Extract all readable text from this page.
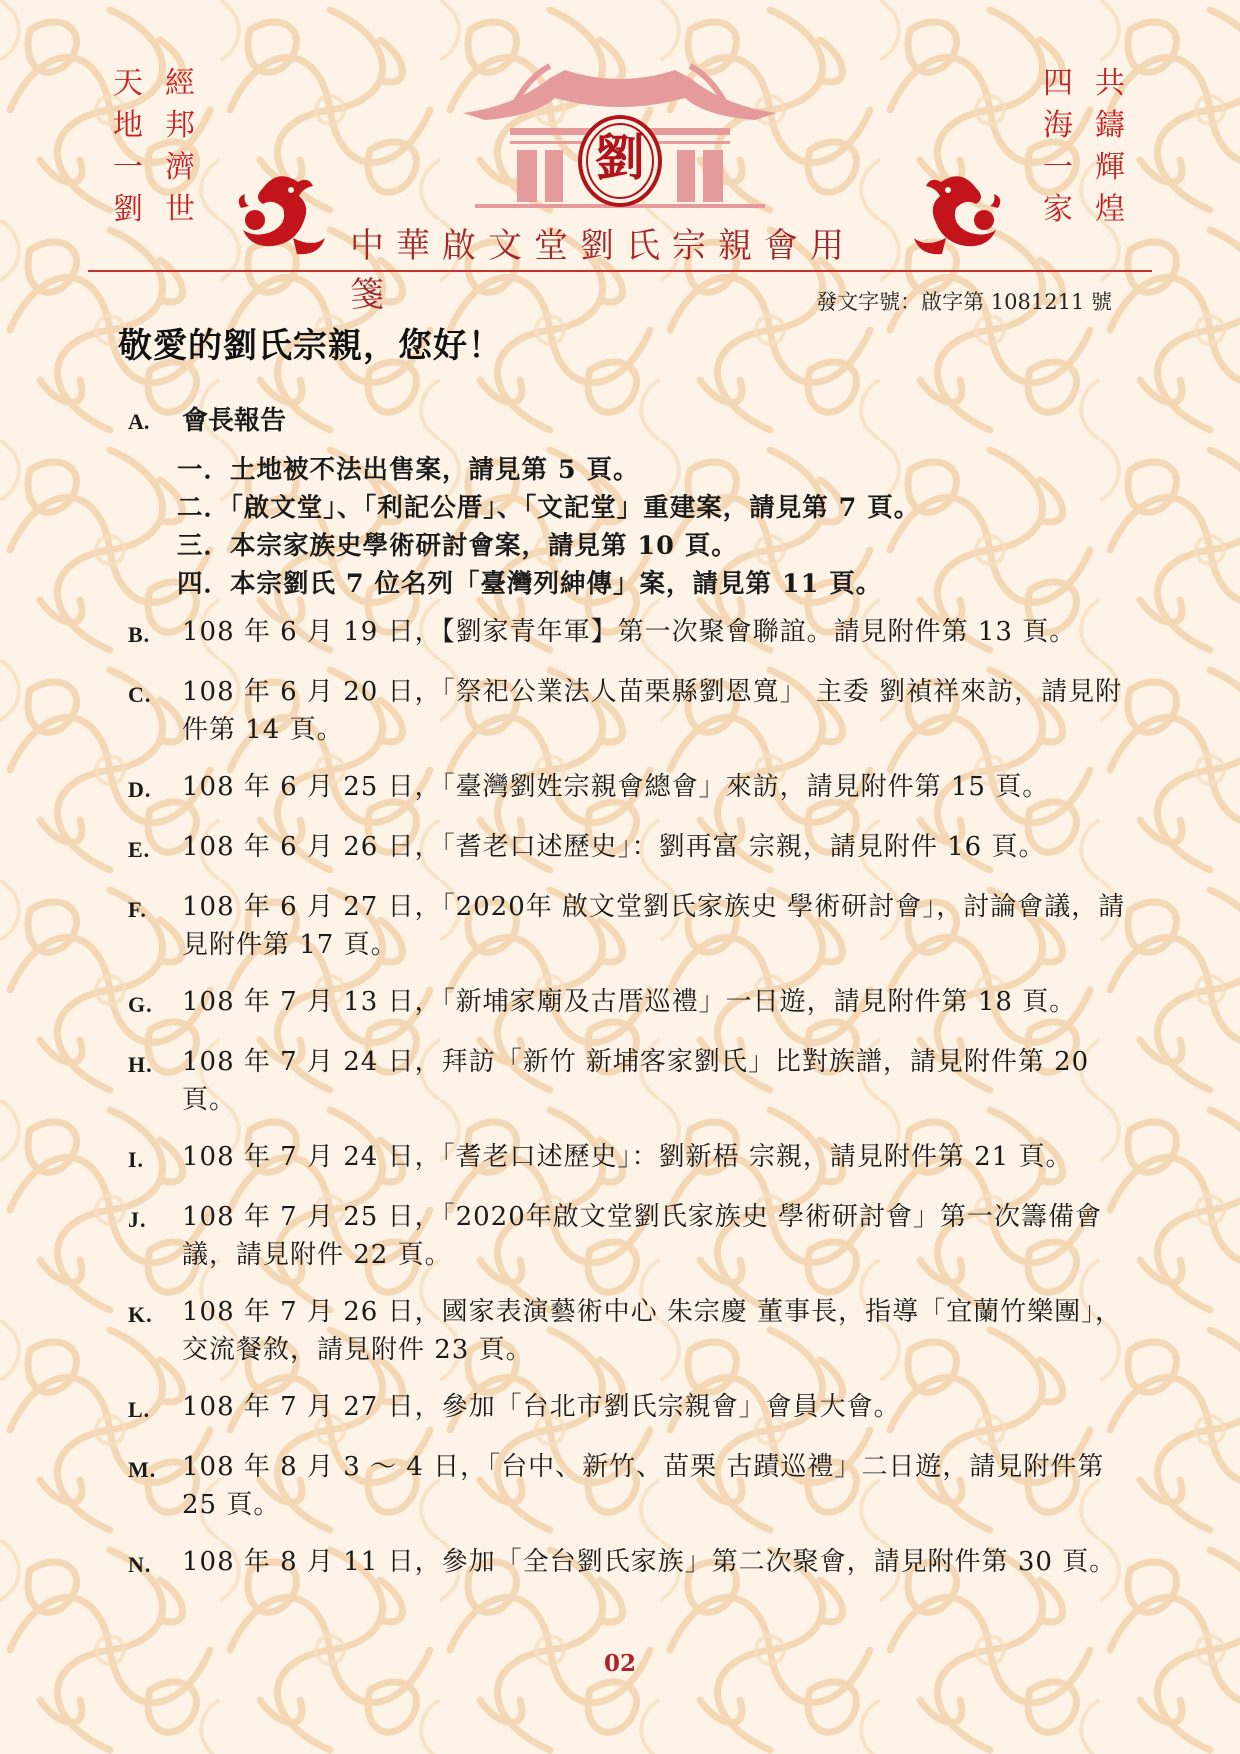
天
地
一
劉
經
邦
濟
世
四
海
一
家
共
鑄
輝
煌
劉
中華啟文堂劉氏宗親會用箋	發文字號：啟字第 1081211 號
敬愛的劉氏宗親，您好！
A.	會長報告
一．土地被不法出售案，請見第 5 頁。
二．「啟文堂」、「利記公厝」、「文記堂」重建案，請見第 7 頁。
三．本宗家族史學術研討會案，請見第 10 頁。
四．本宗劉氏 7 位名列「臺灣列紳傳」案，請見第 11 頁。
B.	108 年 6 月 19 日，【劉家青年軍】第一次聚會聯誼。請見附件第 13 頁。
C.	108 年 6 月 20 日，「祭祀公業法人苗栗縣劉恩寬」 主委 劉禎祥來訪，請見附件第 14 頁。
D.	108 年 6 月 25 日，「臺灣劉姓宗親會總會」來訪，請見附件第 15 頁。
E.	108 年 6 月 26 日，「耆老口述歷史」：劉再富 宗親，請見附件 16 頁。
F.	108 年 6 月 27 日，「2020年 啟文堂劉氏家族史 學術研討會」，討論會議，請見附件第 17 頁。
G.	108 年 7 月 13 日，「新埔家廟及古厝巡禮」一日遊，請見附件第 18 頁。
H.	108 年 7 月 24 日，拜訪「新竹 新埔客家劉氏」比對族譜，請見附件第 20 頁。
I.	108 年 7 月 24 日，「耆老口述歷史」：劉新梧 宗親，請見附件第 21 頁。
J.	108 年 7 月 25 日，「2020年啟文堂劉氏家族史 學術研討會」第一次籌備會議，請見附件 22 頁。
K.	108 年 7 月 26 日，國家表演藝術中心 朱宗慶 董事長，指導「宜蘭竹樂團」，交流餐敘，請見附件 23 頁。
L.	108 年 7 月 27 日，參加「台北市劉氏宗親會」會員大會。
M. 108 年 8 月 3 ～ 4 日，「台中、新竹、苗栗 古蹟巡禮」二日遊，請見附件第 25 頁。
N.	108 年 8 月 11 日，參加「全台劉氏家族」第二次聚會，請見附件第 30 頁。
02
